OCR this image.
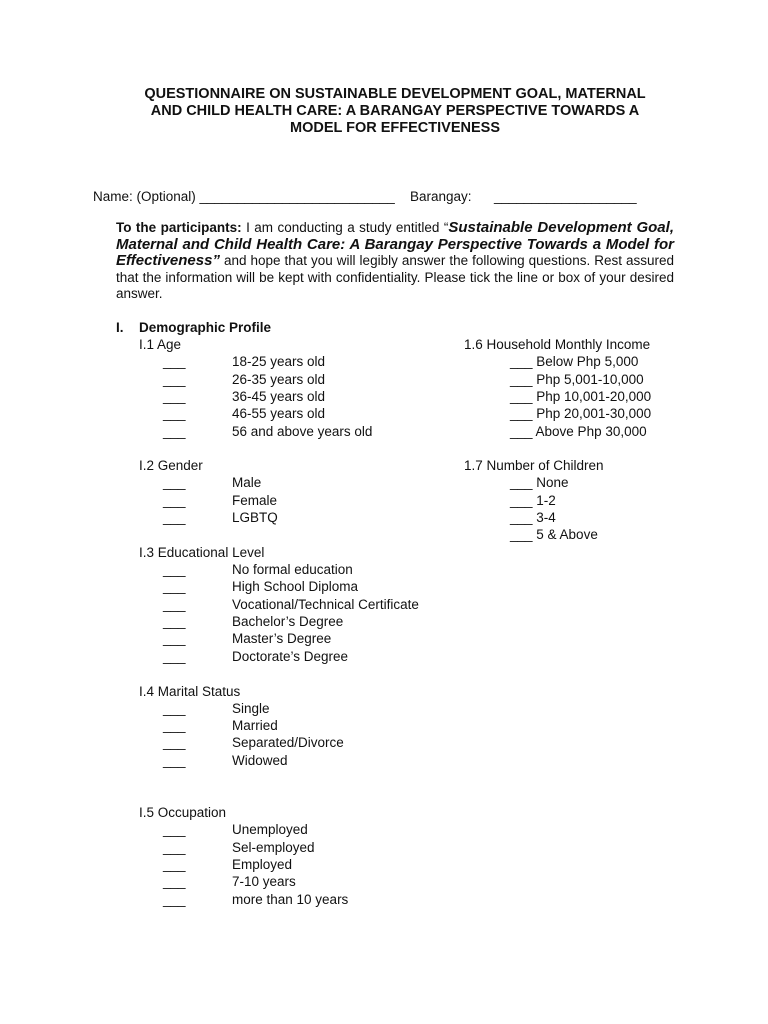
QUESTIONNAIRE ON SUSTAINABLE DEVELOPMENT GOAL, MATERNAL
AND CHILD HEALTH CARE: A BARANGAY PERSPECTIVE TOWARDS A
MODEL FOR EFFECTIVENESS
Name: (Optional) __________________________ Barangay: ___________________
To the participants: I am conducting a study entitled “Sustainable Development Goal, Maternal and Child Health Care: A Barangay Perspective Towards a Model for Effectiveness” and hope that you will legibly answer the following questions. Rest assured that the information will be kept with confidentiality. Please tick the line or box of your desired answer.
I. Demographic Profile
I.1 Age
___	18-25 years old
___	26-35 years old
___	36-45 years old
___	46-55 years old
___	56 and above years old
I.2 Gender
___	Male
___	Female
___	LGBTQ
I.3 Educational Level
___	No formal education
___	High School Diploma
___	Vocational/Technical Certificate
___	Bachelor’s Degree
___	Master’s Degree
___	Doctorate’s Degree
I.4 Marital Status
___	Single
___	Married
___	Separated/Divorce
___	Widowed
I.5 Occupation
___	Unemployed
___	Sel-employed
___	Employed
___	7-10 years
___	more than 10 years
1.6 Household Monthly Income
___ Below Php 5,000
___ Php 5,001-10,000
___ Php 10,001-20,000
___ Php 20,001-30,000
___ Above Php 30,000
1.7 Number of Children
___ None
___ 1-2
___ 3-4
___ 5 & Above
